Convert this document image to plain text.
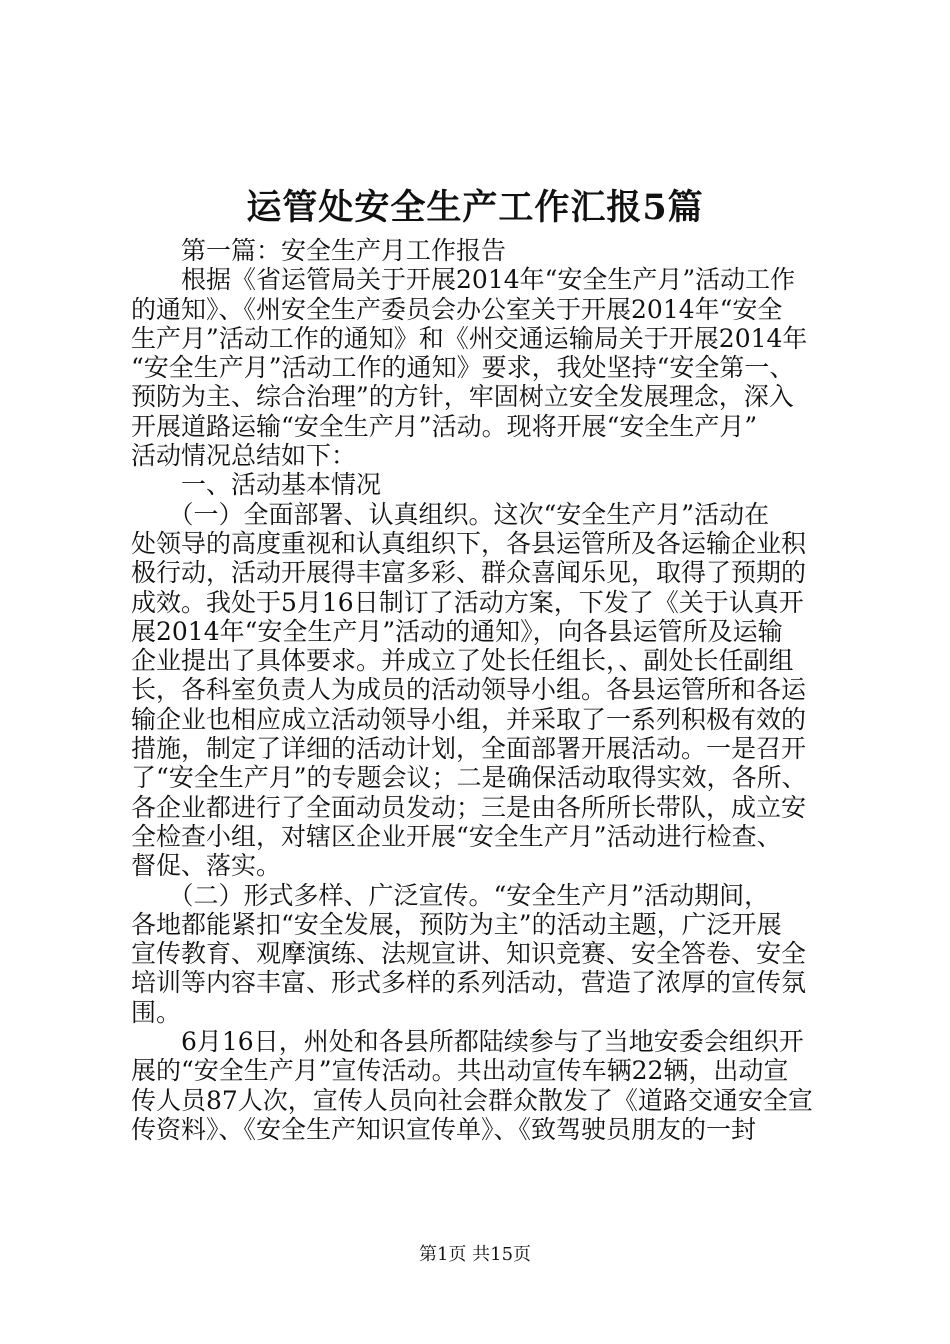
运管处安全生产工作汇报5篇
　　第一篇：安全生产月工作报告
　　根据《省运管局关于开展2014年“安全生产月”活动工作
的通知》、《州安全生产委员会办公室关于开展2014年“安全
生产月”活动工作的通知》和《州交通运输局关于开展2014年
“安全生产月”活动工作的通知》要求，我处坚持“安全第一、
预防为主、综合治理”的方针，牢固树立安全发展理念，深入
开展道路运输“安全生产月”活动。现将开展“安全生产月”
活动情况总结如下：
　　一、活动基本情况
　　（一）全面部署、认真组织。这次“安全生产月”活动在
处领导的高度重视和认真组织下，各县运管所及各运输企业积
极行动，活动开展得丰富多彩、群众喜闻乐见，取得了预期的
成效。我处于5月16日制订了活动方案，下发了《关于认真开
展2014年“安全生产月”活动的通知》，向各县运管所及运输
企业提出了具体要求。并成立了处长任组长，、副处长任副组
长，各科室负责人为成员的活动领导小组。各县运管所和各运
输企业也相应成立活动领导小组，并采取了一系列积极有效的
措施，制定了详细的活动计划，全面部署开展活动。一是召开
了“安全生产月”的专题会议；二是确保活动取得实效，各所、
各企业都进行了全面动员发动；三是由各所所长带队，成立安
全检查小组，对辖区企业开展“安全生产月”活动进行检查、
督促、落实。
　　（二）形式多样、广泛宣传。“安全生产月”活动期间，
各地都能紧扣“安全发展，预防为主”的活动主题，广泛开展
宣传教育、观摩演练、法规宣讲、知识竞赛、安全答卷、安全
培训等内容丰富、形式多样的系列活动，营造了浓厚的宣传氛
围。
　　6月16日，州处和各县所都陆续参与了当地安委会组织开
展的“安全生产月”宣传活动。共出动宣传车辆22辆，出动宣
传人员87人次，宣传人员向社会群众散发了《道路交通安全宣
传资料》、《安全生产知识宣传单》、《致驾驶员朋友的一封
第1页 共15页
